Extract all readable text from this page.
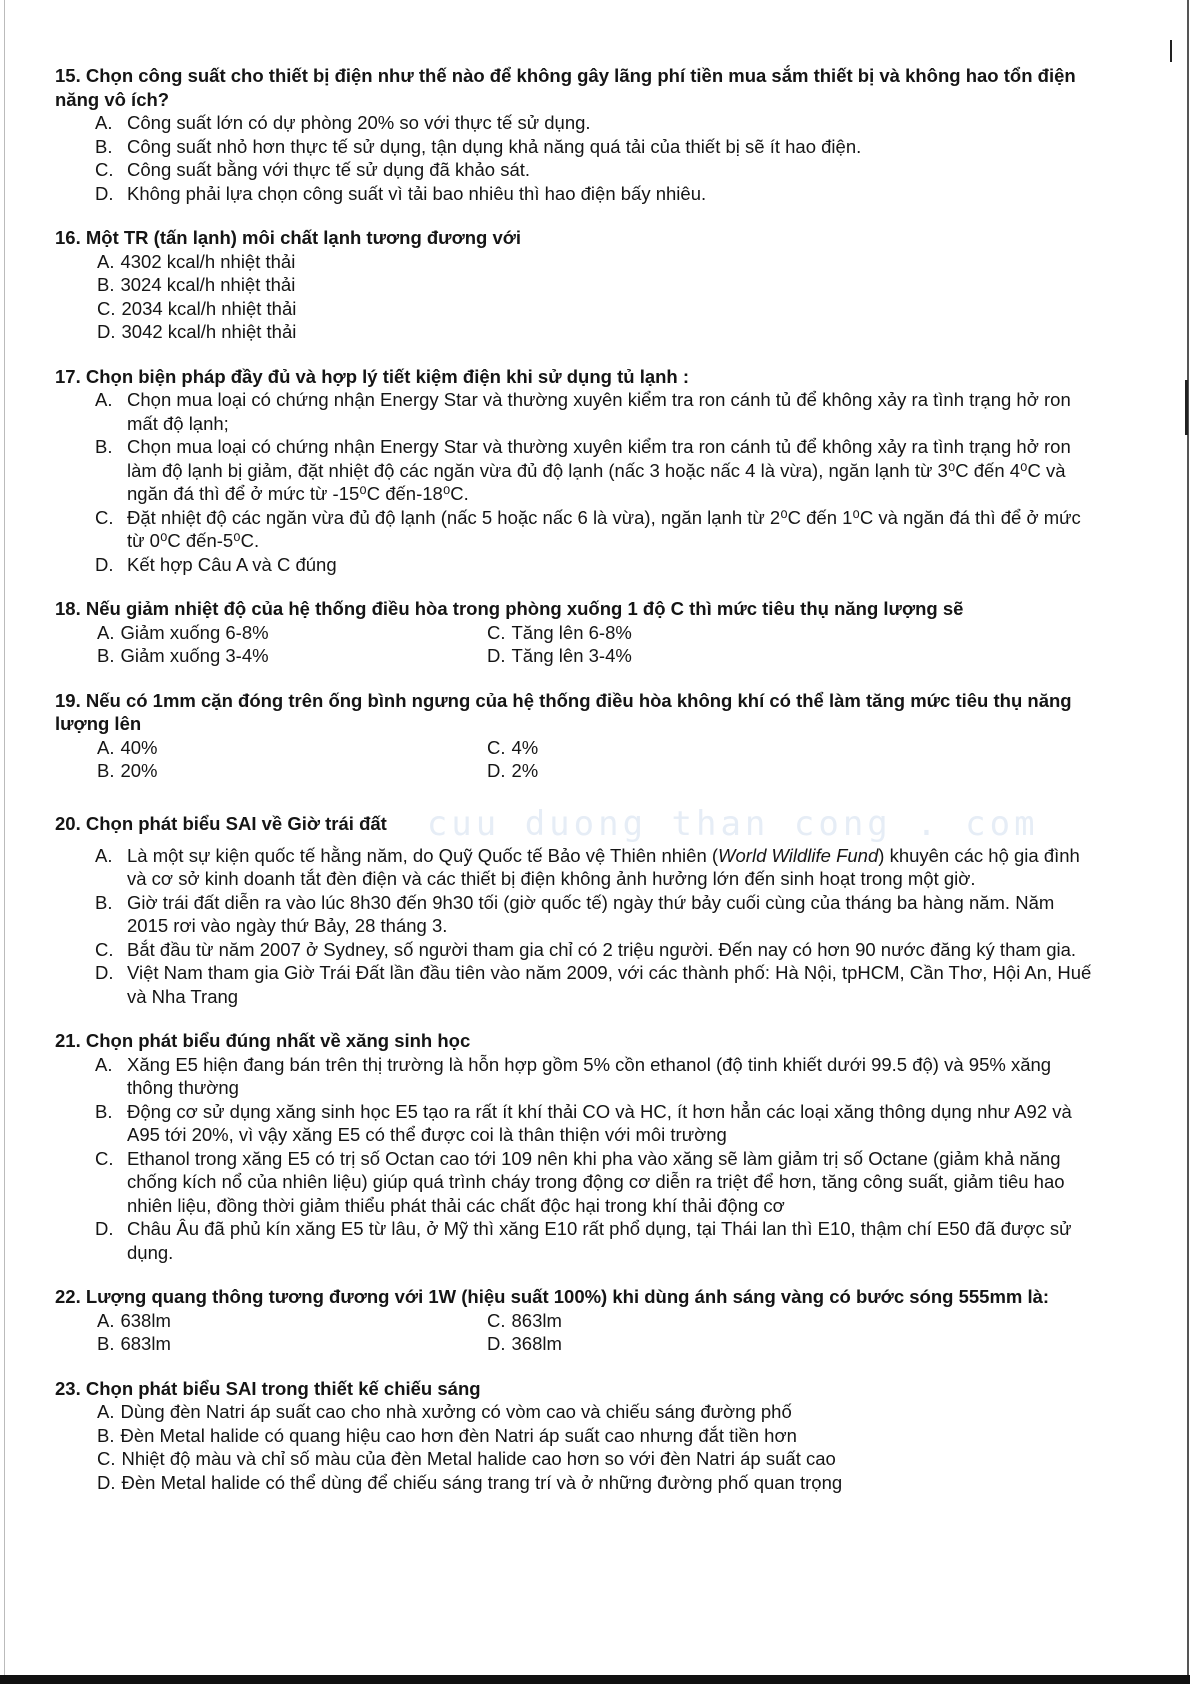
15. Chọn công suất cho thiết bị điện như thế nào để không gây lãng phí tiền mua sắm thiết bị và không hao tổn điện năng vô ích?
A. Công suất lớn có dự phòng 20% so với thực tế sử dụng.
B. Công suất nhỏ hơn thực tế sử dụng, tận dụng khả năng quá tải của thiết bị sẽ ít hao điện.
C. Công suất bằng với thực tế sử dụng đã khảo sát.
D. Không phải lựa chọn công suất vì tải bao nhiêu thì hao điện bấy nhiêu.
16. Một TR (tấn lạnh) môi chất lạnh tương đương với
A. 4302 kcal/h nhiệt thải
B. 3024 kcal/h nhiệt thải
C. 2034 kcal/h nhiệt thải
D. 3042 kcal/h nhiệt thải
17. Chọn biện pháp đầy đủ và hợp lý tiết kiệm điện khi sử dụng tủ lạnh :
A. Chọn mua loại có chứng nhận Energy Star và thường xuyên kiểm tra ron cánh tủ để không xảy ra tình trạng hở ron mất độ lạnh;
B. Chọn mua loại có chứng nhận Energy Star và thường xuyên kiểm tra ron cánh tủ để không xảy ra tình trạng hở ron làm độ lạnh bị giảm, đặt nhiệt độ các ngăn vừa đủ độ lạnh (nấc 3 hoặc nấc 4 là vừa), ngăn lạnh từ 3⁰C đến 4⁰C và ngăn đá thì để ở mức từ -15⁰C đến-18⁰C.
C. Đặt nhiệt độ các ngăn vừa đủ độ lạnh (nấc 5 hoặc nấc 6 là vừa), ngăn lạnh từ 2⁰C đến 1⁰C và ngăn đá thì để ở mức từ 0⁰C đến-5⁰C.
D. Kết hợp Câu A và C đúng
18. Nếu giảm nhiệt độ của hệ thống điều hòa trong phòng xuống 1 độ C thì mức tiêu thụ năng lượng sẽ
A. Giảm xuống 6-8%	C. Tăng lên 6-8%
B. Giảm xuống 3-4%	D. Tăng lên 3-4%
19. Nếu có 1mm cặn đóng trên ống bình ngưng của hệ thống điều hòa không khí có thể làm tăng mức tiêu thụ năng lượng lên
A. 40%	C. 4%
B. 20%	D. 2%
20. Chọn phát biểu SAI về Giờ trái đất cuu duong than cong . com
A. Là một sự kiện quốc tế hằng năm, do Quỹ Quốc tế Bảo vệ Thiên nhiên (World Wildlife Fund) khuyên các hộ gia đình và cơ sở kinh doanh tắt đèn điện và các thiết bị điện không ảnh hưởng lớn đến sinh hoạt trong một giờ.
B. Giờ trái đất diễn ra vào lúc 8h30 đến 9h30 tối (giờ quốc tế) ngày thứ bảy cuối cùng của tháng ba hàng năm. Năm 2015 rơi vào ngày thứ Bảy, 28 tháng 3.
C. Bắt đầu từ năm 2007 ở Sydney, số người tham gia chỉ có 2 triệu người. Đến nay có hơn 90 nước đăng ký tham gia.
D. Việt Nam tham gia Giờ Trái Đất lần đầu tiên vào năm 2009, với các thành phố: Hà Nội, tpHCM, Cần Thơ, Hội An, Huế và Nha Trang
21. Chọn phát biểu đúng nhất về xăng sinh học
A. Xăng E5 hiện đang bán trên thị trường là hỗn hợp gồm 5% cồn ethanol (độ tinh khiết dưới 99.5 độ) và 95% xăng thông thường
B. Động cơ sử dụng xăng sinh học E5 tạo ra rất ít khí thải CO và HC, ít hơn hẳn các loại xăng thông dụng như A92 và A95 tới 20%, vì vậy xăng E5 có thể được coi là thân thiện với môi trường
C. Ethanol trong xăng E5 có trị số Octan cao tới 109 nên khi pha vào xăng sẽ làm giảm trị số Octane (giảm khả năng chống kích nổ của nhiên liệu) giúp quá trình cháy trong động cơ diễn ra triệt để hơn, tăng công suất, giảm tiêu hao nhiên liệu, đồng thời giảm thiểu phát thải các chất độc hại trong khí thải động cơ
D. Châu Âu đã phủ kín xăng E5 từ lâu, ở Mỹ thì xăng E10 rất phổ dụng, tại Thái lan thì E10, thậm chí E50 đã được sử dụng.
22. Lượng quang thông tương đương với 1W (hiệu suất 100%) khi dùng ánh sáng vàng có bước sóng 555mm là:
A. 638lm	C. 863lm
B. 683lm	D. 368lm
23. Chọn phát biểu SAI trong thiết kế chiếu sáng
A. Dùng đèn Natri áp suất cao cho nhà xưởng có vòm cao và chiếu sáng đường phố
B. Đèn Metal halide có quang hiệu cao hơn đèn Natri áp suất cao nhưng đắt tiền hơn
C. Nhiệt độ màu và chỉ số màu của đèn Metal halide cao hơn so với đèn Natri áp suất cao
D. Đèn Metal halide có thể dùng để chiếu sáng trang trí và ở những đường phố quan trọng
